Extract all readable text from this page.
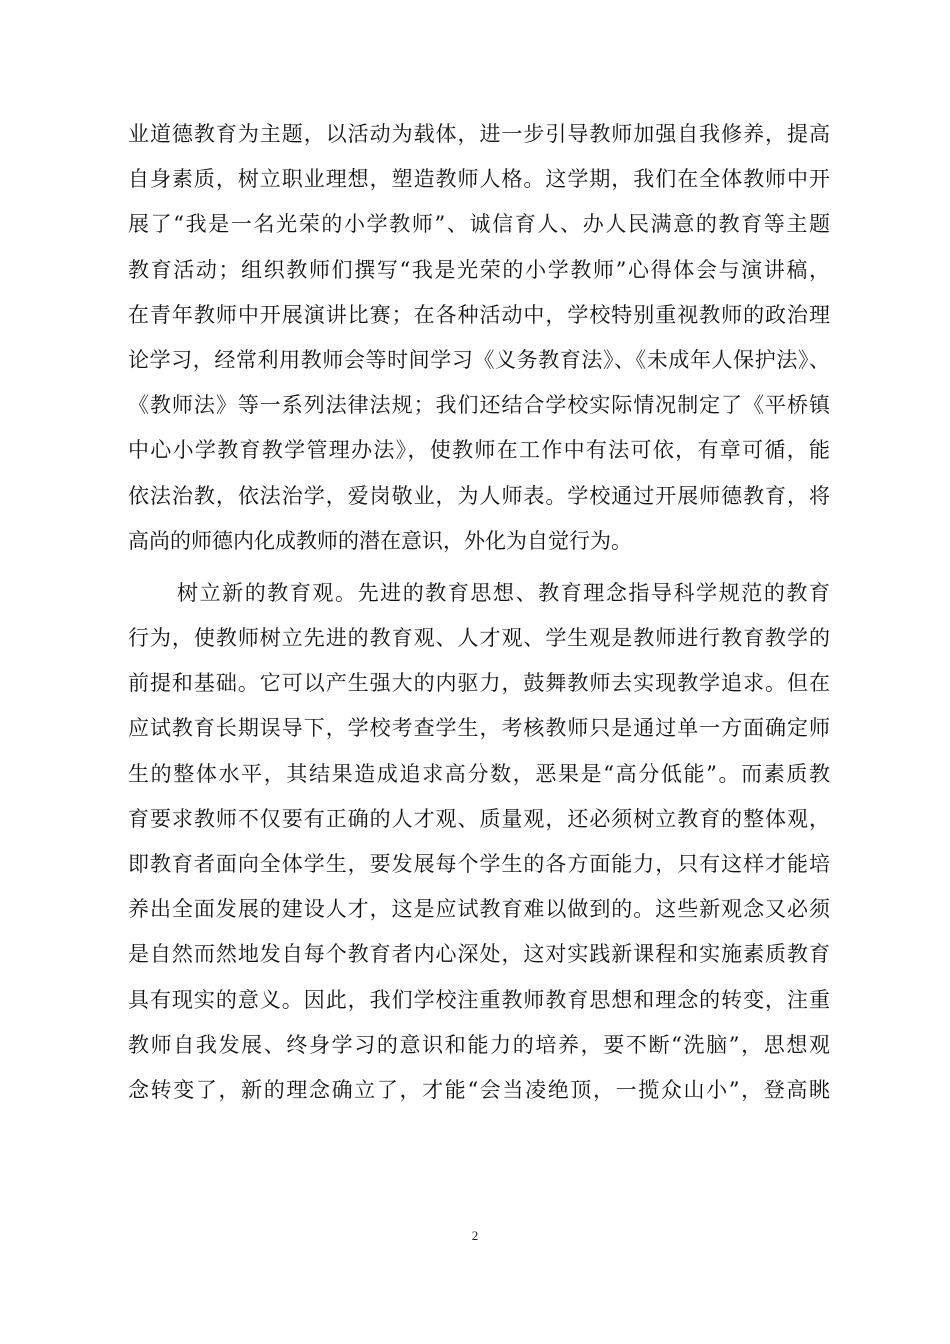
业道德教育为主题，以活动为载体，进一步引导教师加强自我修养，提高
自身素质，树立职业理想，塑造教师人格。这学期，我们在全体教师中开
展了“我是一名光荣的小学教师”、诚信育人、办人民满意的教育等主题
教育活动；组织教师们撰写“我是光荣的小学教师”心得体会与演讲稿，
在青年教师中开展演讲比赛；在各种活动中，学校特别重视教师的政治理
论学习，经常利用教师会等时间学习《义务教育法》、《未成年人保护法》、
《教师法》等一系列法律法规；我们还结合学校实际情况制定了《平桥镇
中心小学教育教学管理办法》，使教师在工作中有法可依，有章可循，能
依法治教，依法治学，爱岗敬业，为人师表。学校通过开展师德教育，将
高尚的师德内化成教师的潜在意识，外化为自觉行为。
树立新的教育观。先进的教育思想、教育理念指导科学规范的教育
行为，使教师树立先进的教育观、人才观、学生观是教师进行教育教学的
前提和基础。它可以产生强大的内驱力，鼓舞教师去实现教学追求。但在
应试教育长期误导下，学校考查学生，考核教师只是通过单一方面确定师
生的整体水平，其结果造成追求高分数，恶果是“高分低能”。而素质教
育要求教师不仅要有正确的人才观、质量观，还必须树立教育的整体观，
即教育者面向全体学生，要发展每个学生的各方面能力，只有这样才能培
养出全面发展的建设人才，这是应试教育难以做到的。这些新观念又必须
是自然而然地发自每个教育者内心深处，这对实践新课程和实施素质教育
具有现实的意义。因此，我们学校注重教师教育思想和理念的转变，注重
教师自我发展、终身学习的意识和能力的培养，要不断“洗脑”，思想观
念转变了，新的理念确立了，才能“会当凌绝顶，一揽众山小”，登高眺
2
